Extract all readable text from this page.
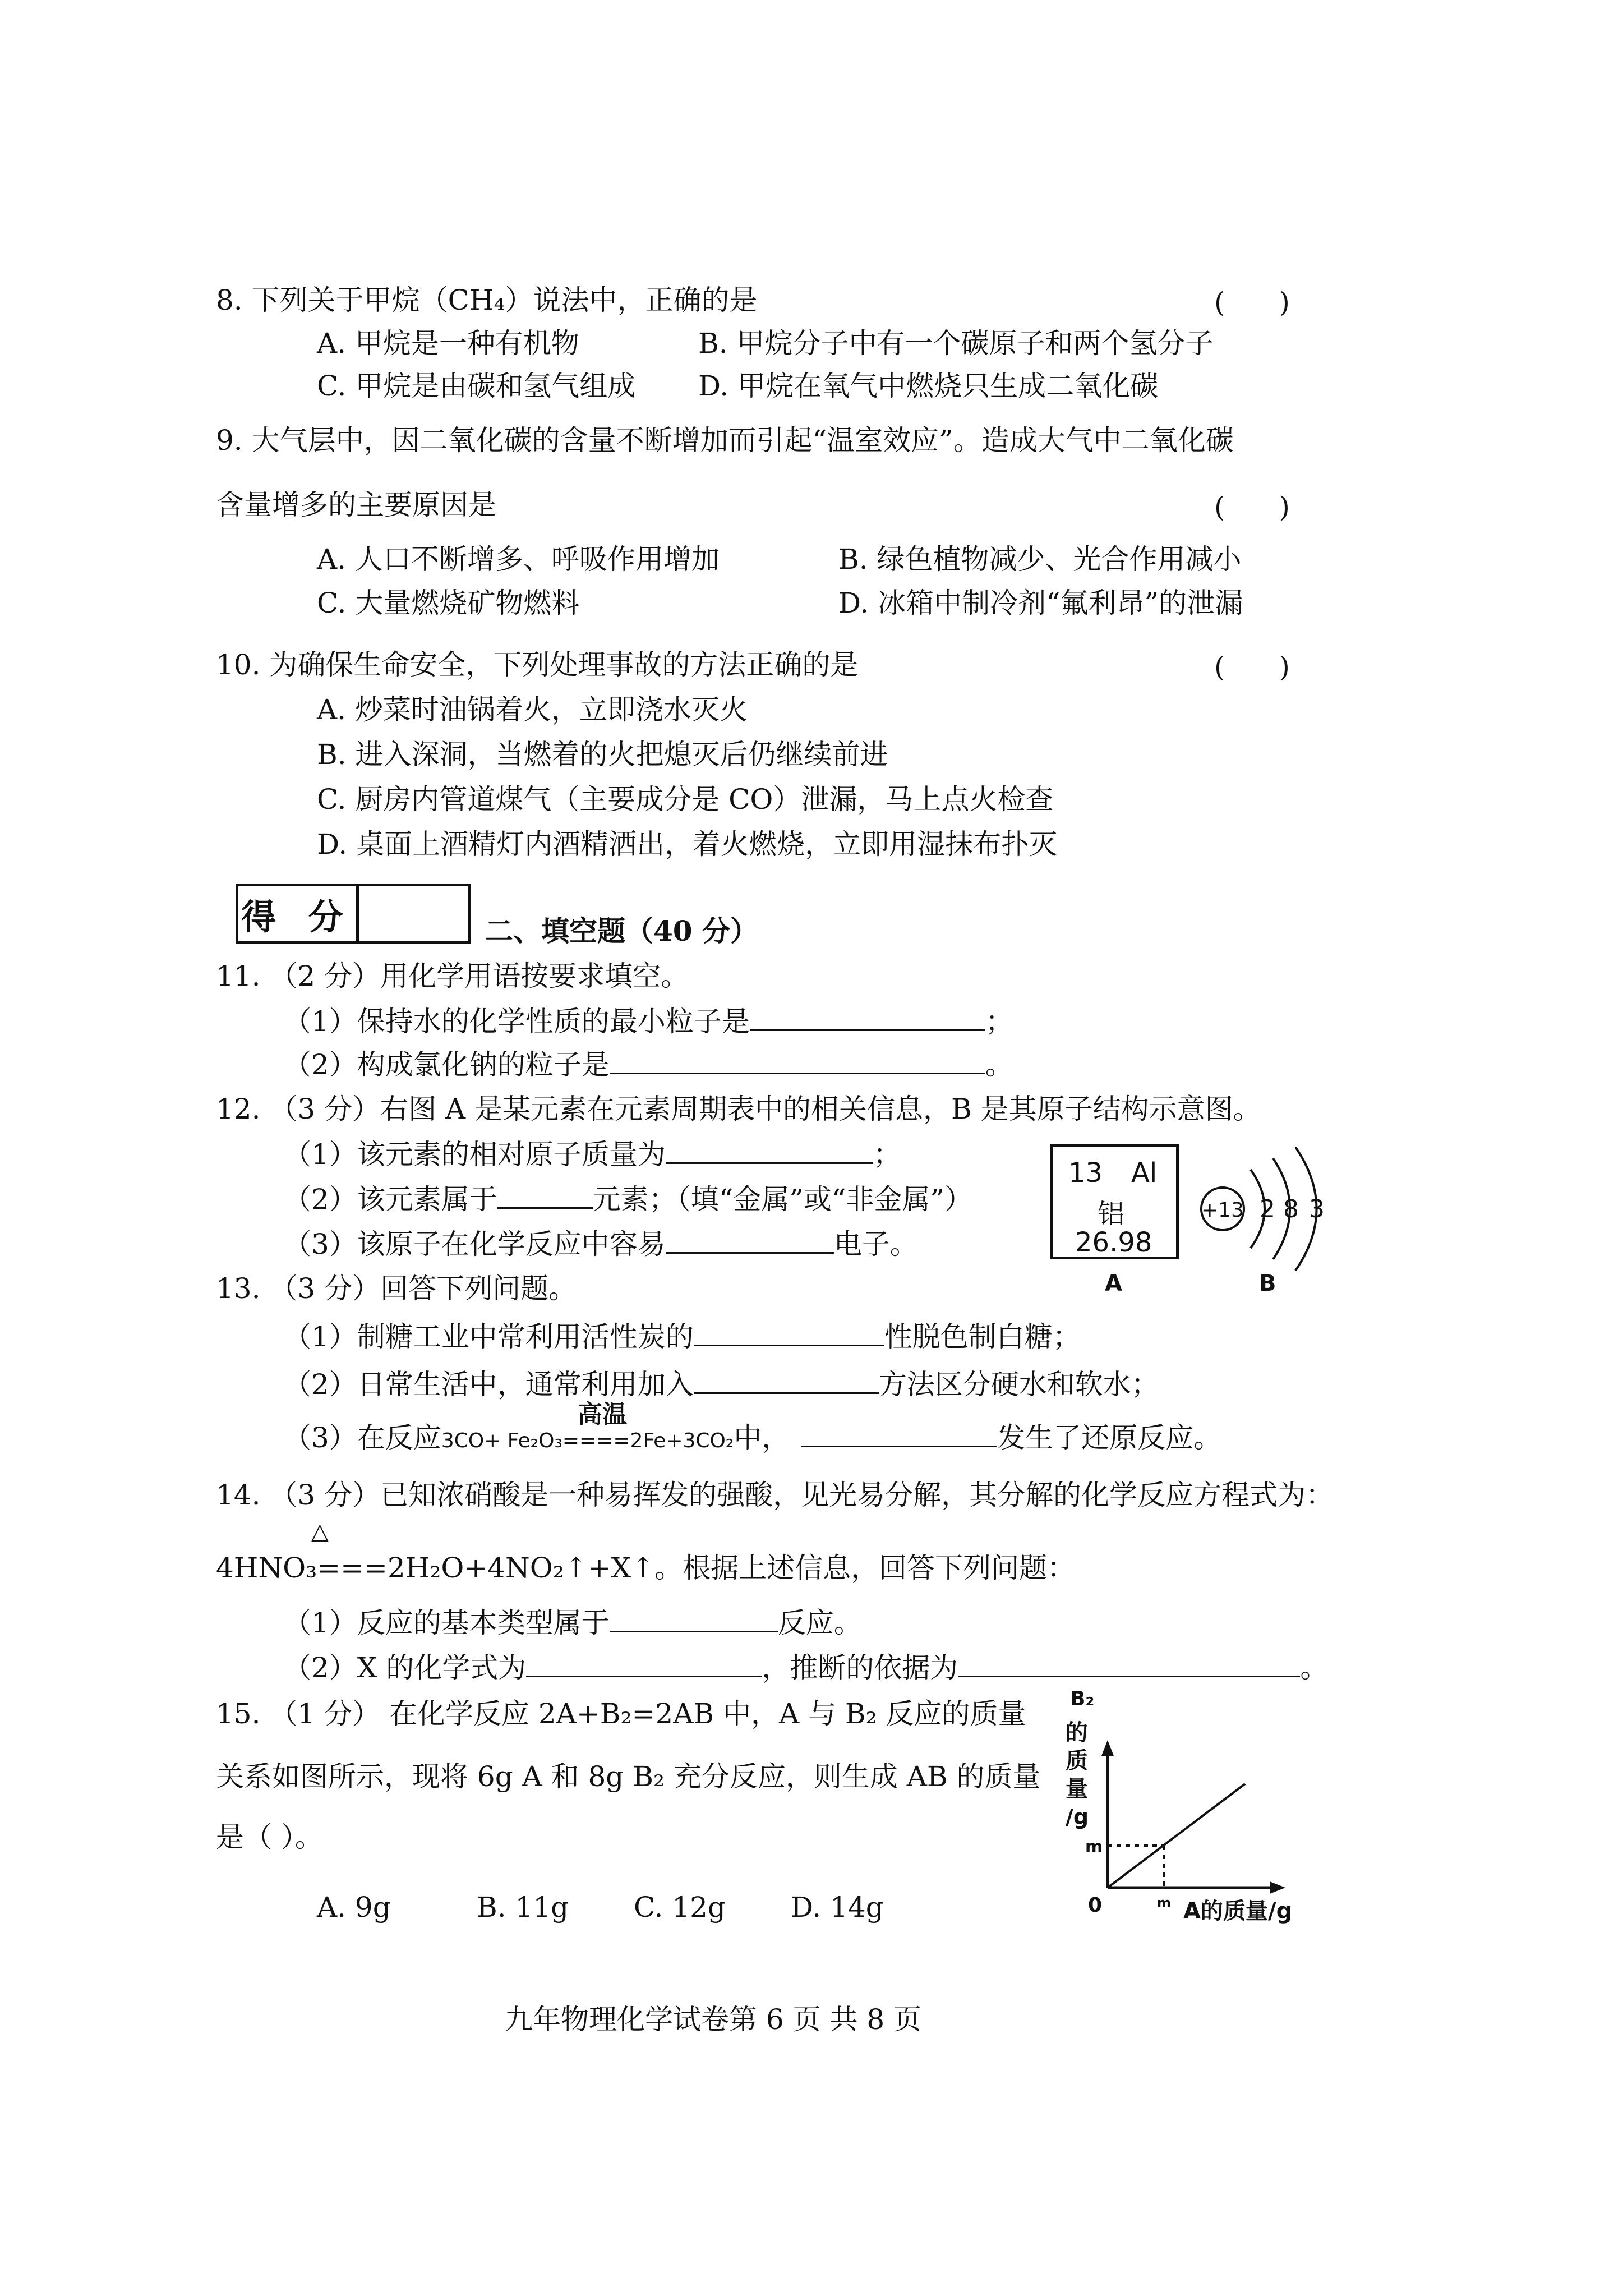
8. 下列关于甲烷（CH₄）说法中，正确的是	( )
A. 甲烷是一种有机物	B. 甲烷分子中有一个碳原子和两个氢分子
C. 甲烷是由碳和氢气组成 D. 甲烷在氧气中燃烧只生成二氧化碳
9. 大气层中，因二氧化碳的含量不断增加而引起“温室效应”。造成大气中二氧化碳
含量增多的主要原因是	( )
A. 人口不断增多、呼吸作用增加	B. 绿色植物减少、光合作用减小
C. 大量燃烧矿物燃料	D. 冰箱中制冷剂“氟利昂”的泄漏
10. 为确保生命安全，下列处理事故的方法正确的是	( )
A. 炒菜时油锅着火，立即浇水灭火
B. 进入深洞，当燃着的火把熄灭后仍继续前进
C. 厨房内管道煤气（主要成分是 CO）泄漏，马上点火检查
D. 桌面上酒精灯内酒精洒出，着火燃烧，立即用湿抹布扑灭
得 分	二、填空题（40 分）
11. （2 分）用化学用语按要求填空。
（1）保持水的化学性质的最小粒子是	；
（2）构成氯化钠的粒子是	。
12. （3 分）右图 A 是某元素在元素周期表中的相关信息，B 是其原子结构示意图。
（1）该元素的相对原子质量为	；
（2）该元素属于	元素；（填“金属”或“非金属”）
（3）该原子在化学反应中容易	电子。
13 Al
铝
26.98
A
+13 2 8 3
B
13. （3 分）回答下列问题。
（1）制糖工业中常利用活性炭的	性脱色制白糖；
（2）日常生活中，通常利用加入	方法区分硬水和软水；
高温
（3）在反应3CO+ Fe₂O₃====2Fe+3CO₂中，	发生了还原反应。
14. （3 分）已知浓硝酸是一种易挥发的强酸，见光易分解，其分解的化学反应方程式为：
△
4HNO₃===2H₂O+4NO₂↑+X↑。根据上述信息，回答下列问题：
（1）反应的基本类型属于	反应。
（2）X 的化学式为	，推断的依据为	。
15. （1 分） 在化学反应 2A+B₂=2AB 中，A 与 B₂ 反应的质量
关系如图所示，现将 6g A 和 8g B₂ 充分反应，则生成 AB 的质量
是（ ）。
A. 9g	B. 11g C. 12g D. 14g
B₂
的
质
量
/g
m
m
0	A的质量/g
九年物理化学试卷第 6 页 共 8 页
